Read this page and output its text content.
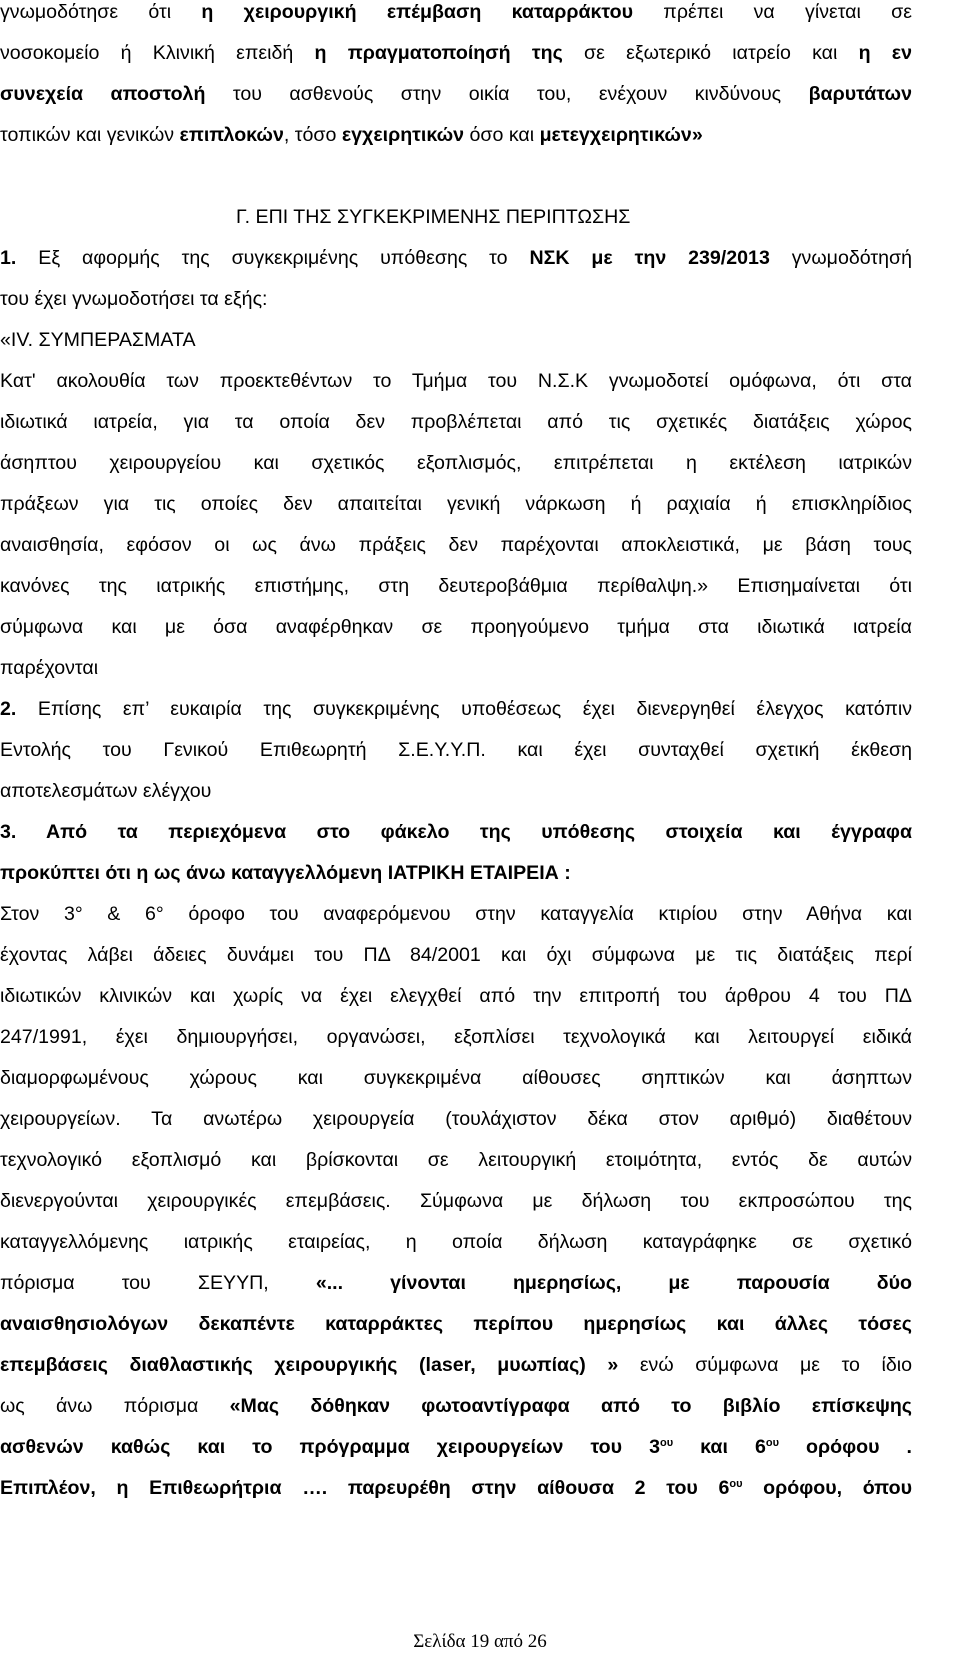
γνωμοδότησε ότι η χειρουργική επέμβαση καταρράκτου πρέπει να γίνεται σε
νοσοκομείο ή Κλινική επειδή η πραγματοποίησή της σε εξωτερικό ιατρείο και η εν
συνεχεία αποστολή του ασθενούς στην οικία του, ενέχουν κινδύνους βαρυτάτων
τοπικών και γενικών επιπλοκών, τόσο εγχειρητικών όσο και μετεγχειρητικών»
Γ. ΕΠΙ ΤΗΣ ΣΥΓΚΕΚΡΙΜΕΝΗΣ ΠΕΡΙΠΤΩΣΗΣ
1. Εξ αφορμής της συγκεκριμένης υπόθεσης το ΝΣΚ με την 239/2013 γνωμοδότησή
του έχει γνωμοδοτήσει τα εξής:
«IV. ΣΥΜΠΕΡΑΣΜΑΤΑ
Κατ' ακολουθία των προεκτεθέντων το Τμήμα του Ν.Σ.Κ γνωμοδοτεί ομόφωνα, ότι στα
ιδιωτικά ιατρεία, για τα οποία δεν προβλέπεται από τις σχετικές διατάξεις χώρος
άσηπτου χειρουργείου και σχετικός εξοπλισμός, επιτρέπεται η εκτέλεση ιατρικών
πράξεων για τις οποίες δεν απαιτείται γενική νάρκωση ή ραχιαία ή επισκληρίδιος
αναισθησία, εφόσον οι ως άνω πράξεις δεν παρέχονται αποκλειστικά, με βάση τους
κανόνες της ιατρικής επιστήμης, στη δευτεροβάθμια περίθαλψη.» Επισημαίνεται ότι
σύμφωνα και με όσα αναφέρθηκαν σε προηγούμενο τμήμα στα ιδιωτικά ιατρεία
παρέχονται
2. Επίσης επ’ ευκαιρία της συγκεκριμένης υποθέσεως έχει διενεργηθεί έλεγχος κατόπιν
Εντολής του Γενικού Επιθεωρητή Σ.Ε.Υ.Υ.Π. και έχει συνταχθεί σχετική έκθεση
αποτελεσμάτων ελέγχου
3. Από τα περιεχόμενα στο φάκελο της υπόθεσης στοιχεία και έγγραφα
προκύπτει ότι η ως άνω καταγγελλόμενη ΙΑΤΡΙΚΗ ΕΤΑΙΡΕΙΑ :
Στον 3° & 6° όροφο του αναφερόμενου στην καταγγελία κτιρίου στην Αθήνα και
έχοντας λάβει άδειες δυνάμει του ΠΔ 84/2001 και όχι σύμφωνα με τις διατάξεις περί
ιδιωτικών κλινικών και χωρίς να έχει ελεγχθεί από την επιτροπή του άρθρου 4 του ΠΔ
247/1991, έχει δημιουργήσει, οργανώσει, εξοπλίσει τεχνολογικά και λειτουργεί ειδικά
διαμορφωμένους χώρους και συγκεκριμένα αίθουσες σηπτικών και άσηπτων
χειρουργείων. Τα ανωτέρω χειρουργεία (τουλάχιστον δέκα στον αριθμό) διαθέτουν
τεχνολογικό εξοπλισμό και βρίσκονται σε λειτουργική ετοιμότητα, εντός δε αυτών
διενεργούνται χειρουργικές επεμβάσεις. Σύμφωνα με δήλωση του εκπροσώπου της
καταγγελλόμενης ιατρικής εταιρείας, η οποία δήλωση καταγράφηκε σε σχετικό
πόρισμα του ΣΕΥΥΠ, «... γίνονται ημερησίως, με παρουσία δύο
αναισθησιολόγων δεκαπέντε καταρράκτες περίπου ημερησίως και άλλες τόσες
επεμβάσεις διαθλαστικής χειρουργικής (laser, μυωπίας) » ενώ σύμφωνα με το ίδιο
ως άνω πόρισμα «Μας δόθηκαν φωτοαντίγραφα από το βιβλίο επίσκεψης
ασθενών καθώς και το πρόγραμμα χειρουργείων του $3^{o\upsilon}$ και $6^{o\upsilon}$ ορόφου .
Επιπλέον, η Επιθεωρήτρια …. παρευρέθη στην αίθουσα 2 του $6^{o\upsilon}$ ορόφου, όπου
Σελίδα 19 από 26
